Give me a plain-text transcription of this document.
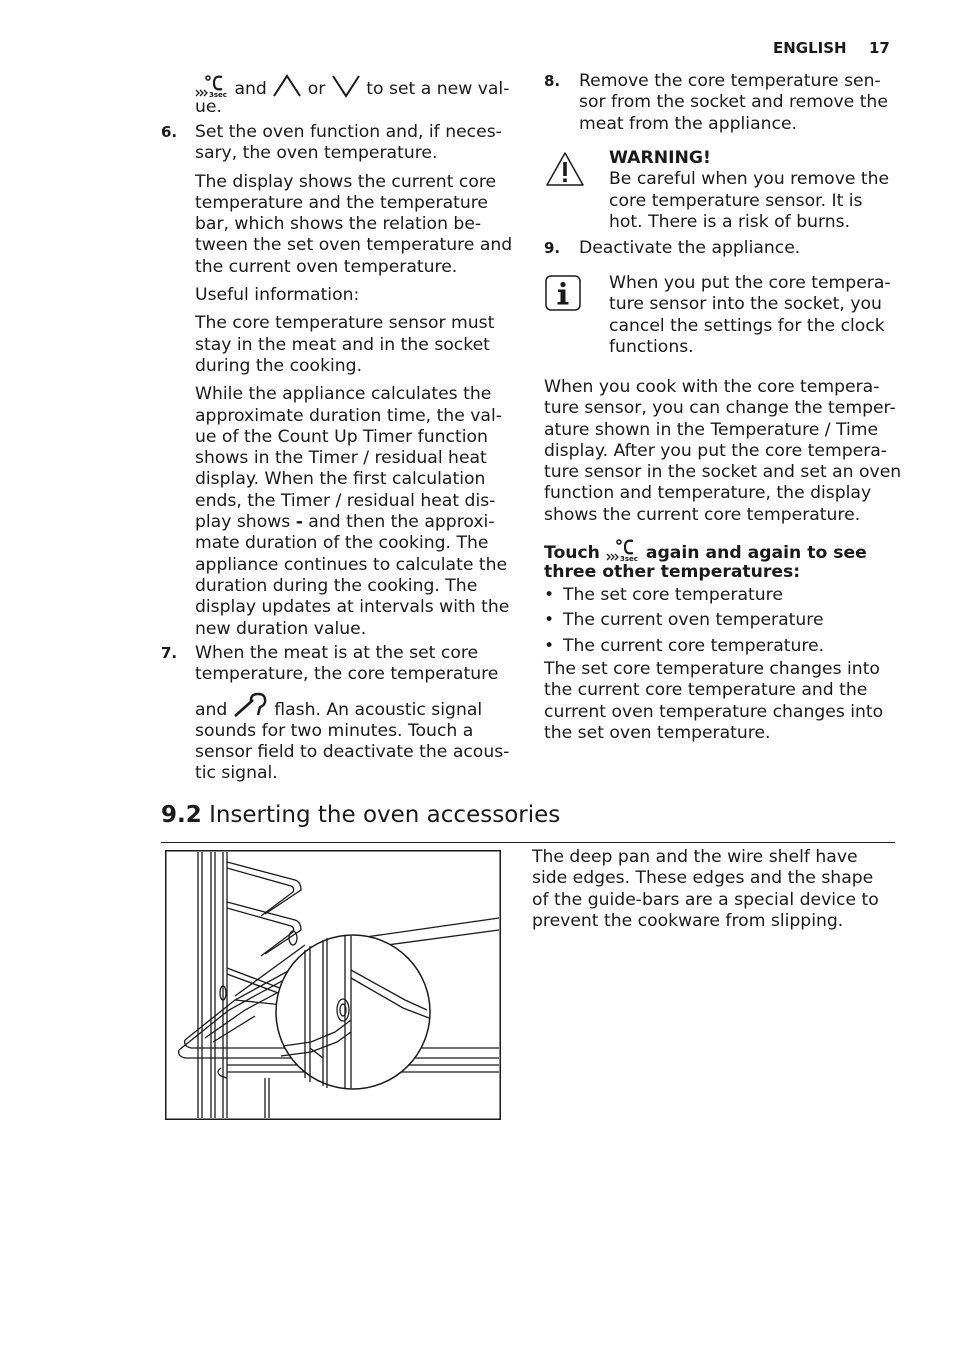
ENGLISH 17

3sec and or to set a new val-

ue.

6. Set the oven function and, if neces-

sary, the oven temperature.

The display shows the current core

temperature and the temperature

bar, which shows the relation be-

tween the set oven temperature and

the current oven temperature.

Useful information:

The core temperature sensor must

stay in the meat and in the socket

during the cooking.

While the appliance calculates the

approximate duration time, the val-

ue of the Count Up Timer function

shows in the Timer / residual heat

display. When the first calculation

ends, the Timer / residual heat dis-

play shows - and then the approxi-

mate duration of the cooking. The

appliance continues to calculate the

duration during the cooking. The

display updates at intervals with the

new duration value.

7. When the meat is at the set core

temperature, the core temperature

and	flash. An acoustic signal

sounds for two minutes. Touch a

sensor field to deactivate the acous-

tic signal.

8. Remove the core temperature sen-

sor from the socket and remove the

meat from the appliance.

WARNING!

Be careful when you remove the

core temperature sensor. It is

hot. There is a risk of burns.

9. Deactivate the appliance.

When you put the core tempera-

ture sensor into the socket, you

cancel the settings for the clock

functions.

When you cook with the core tempera-

ture sensor, you can change the temper-

ature shown in the Temperature / Time

display. After you put the core tempera-

ture sensor in the socket and set an oven

function and temperature, the display

shows the current core temperature.

Touch	3sec again and again to see

three other temperatures:

• The set core temperature
• The current oven temperature
• The current core temperature.

The set core temperature changes into

the current core temperature and the

current oven temperature changes into

the set oven temperature.

9.2 Inserting the oven accessories

The deep pan and the wire shelf have

side edges. These edges and the shape

of the guide-bars are a special device to

prevent the cookware from slipping.
